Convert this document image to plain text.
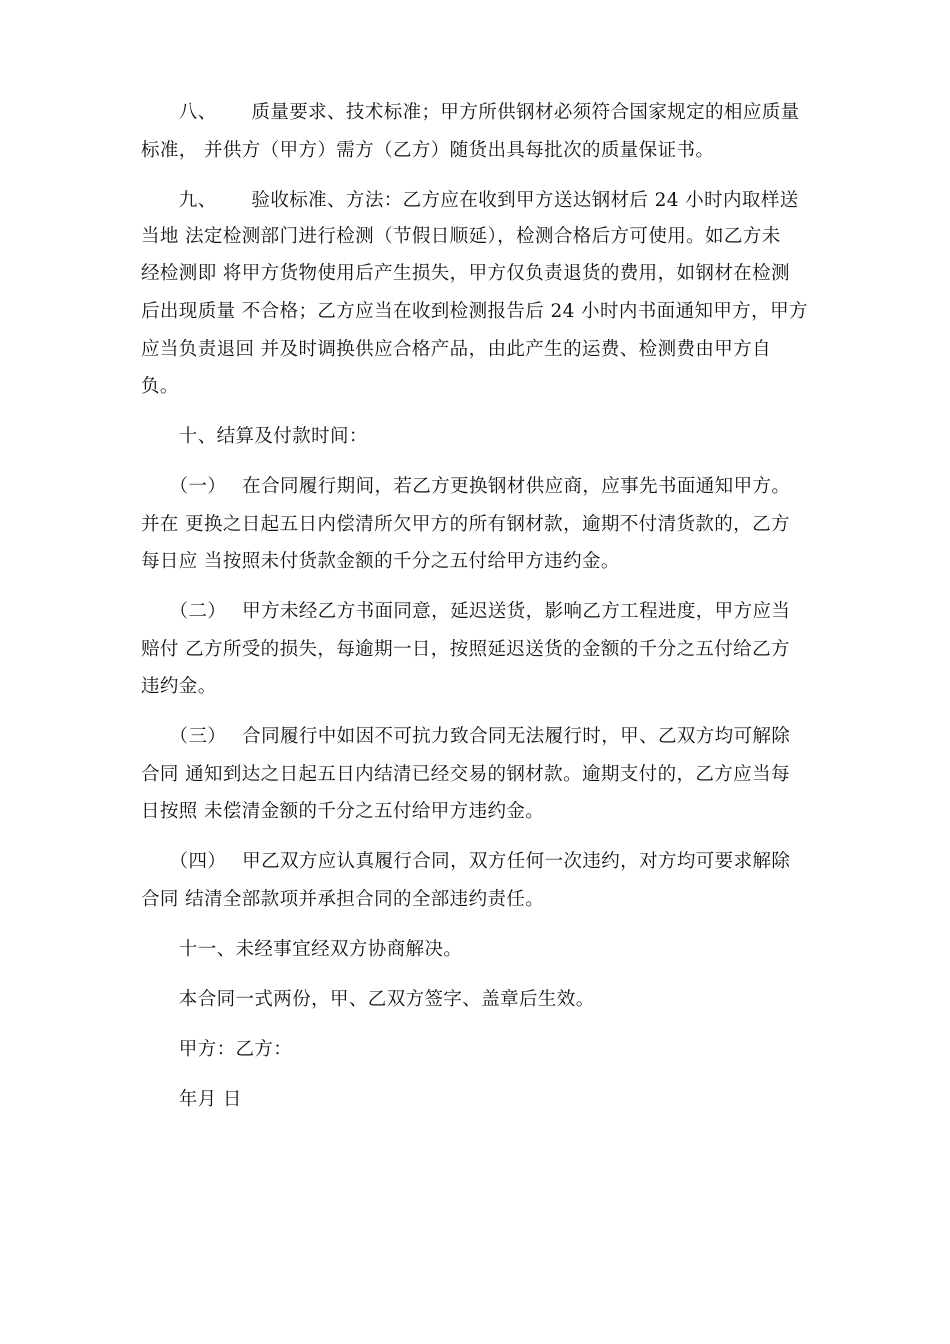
　　八、　　 质量要求、技术标准；甲方所供钢材必须符合国家规定的相应质量
标准， 并供方（甲方）需方（乙方）随货出具每批次的质量保证书。
　　九、　　 验收标准、方法：乙方应在收到甲方送达钢材后 24 小时内取样送
当地 法定检测部门进行检测（节假日顺延），检测合格后方可使用。如乙方未
经检测即 将甲方货物使用后产生损失，甲方仅负责退货的费用，如钢材在检测
后出现质量 不合格；乙方应当在收到检测报告后 24 小时内书面通知甲方，甲方
应当负责退回 并及时调换供应合格产品，由此产生的运费、检测费由甲方自
负。
　　十、结算及付款时间：
　　（一）　 在合同履行期间，若乙方更换钢材供应商，应事先书面通知甲方。
并在 更换之日起五日内偿清所欠甲方的所有钢材款，逾期不付清货款的，乙方
每日应 当按照未付货款金额的千分之五付给甲方违约金。
　　（二）　 甲方未经乙方书面同意，延迟送货，影响乙方工程进度，甲方应当
赔付 乙方所受的损失，每逾期一日，按照延迟送货的金额的千分之五付给乙方
违约金。
　　（三）　 合同履行中如因不可抗力致合同无法履行时，甲、乙双方均可解除
合同 通知到达之日起五日内结清已经交易的钢材款。逾期支付的，乙方应当每
日按照 未偿清金额的千分之五付给甲方违约金。
　　（四）　 甲乙双方应认真履行合同，双方任何一次违约，对方均可要求解除
合同 结清全部款项并承担合同的全部违约责任。
　　十一、未经事宜经双方协商解决。
　　本合同一式两份，甲、乙双方签字、盖章后生效。
　　甲方：乙方：
　　年月 日
